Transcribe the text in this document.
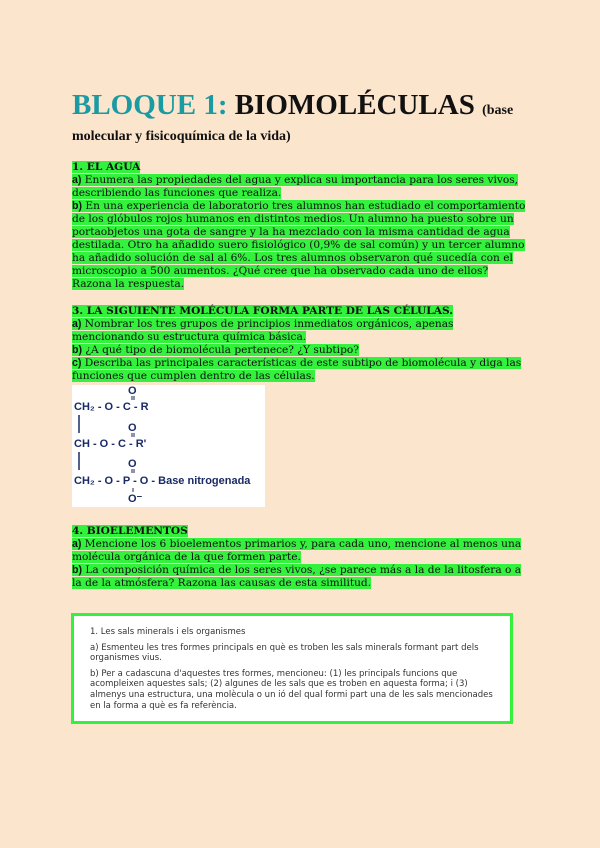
BLOQUE 1: BIOMOLÉCULAS (base

molecular y fisicoquímica de la vida)

1. EL AGUA

a) Enumera las propiedades del agua y explica su importancia para los seres vivos, describiendo las funciones que realiza.

b) En una experiencia de laboratorio tres alumnos han estudiado el comportamiento de los glóbulos rojos humanos en distintos medios. Un alumno ha puesto sobre un portaobjetos una gota de sangre y la ha mezclado con la misma cantidad de agua destilada. Otro ha añadido suero fisiológico (0,9% de sal común) y un tercer alumno ha añadido solución de sal al 6%. Los tres alumnos observaron qué sucedía con el microscopio a 500 aumentos. ¿Qué cree que ha observado cada uno de ellos? Razona la respuesta.

3. LA SIGUIENTE MOLÉCULA FORMA PARTE DE LAS CÉLULAS.

a) Nombrar los tres grupos de principios inmediatos orgánicos, apenas mencionando su estructura química básica.

b) ¿A qué tipo de biomolécula pertenece? ¿Y subtipo?

c) Describa las principales características de este subtipo de biomolécula y diga las funciones que cumplen dentro de las células.

O
CH₂ - O - C - R
O
CH - O - C - R'
O
CH₂ - O - P - O - Base nitrogenada
O⁻

4. BIOELEMENTOS

a) Mencione los 6 bioelementos primarios y, para cada uno, mencione al menos una molécula orgánica de la que formen parte.

b) La composición química de los seres vivos, ¿se parece más a la de la litosfera o a la de la atmósfera? Razona las causas de esta similitud.

1. Les sals minerals i els organismes

a) Esmenteu les tres formes principals en què es troben les sals minerals formant part dels organismes vius.

b) Per a cadascuna d'aquestes tres formes, mencioneu: (1) les principals funcions que acompleixen aquestes sals; (2) algunes de les sals que es troben en aquesta forma; i (3) almenys una estructura, una molècula o un ió del qual formi part una de les sals mencionades en la forma a què es fa referència.
